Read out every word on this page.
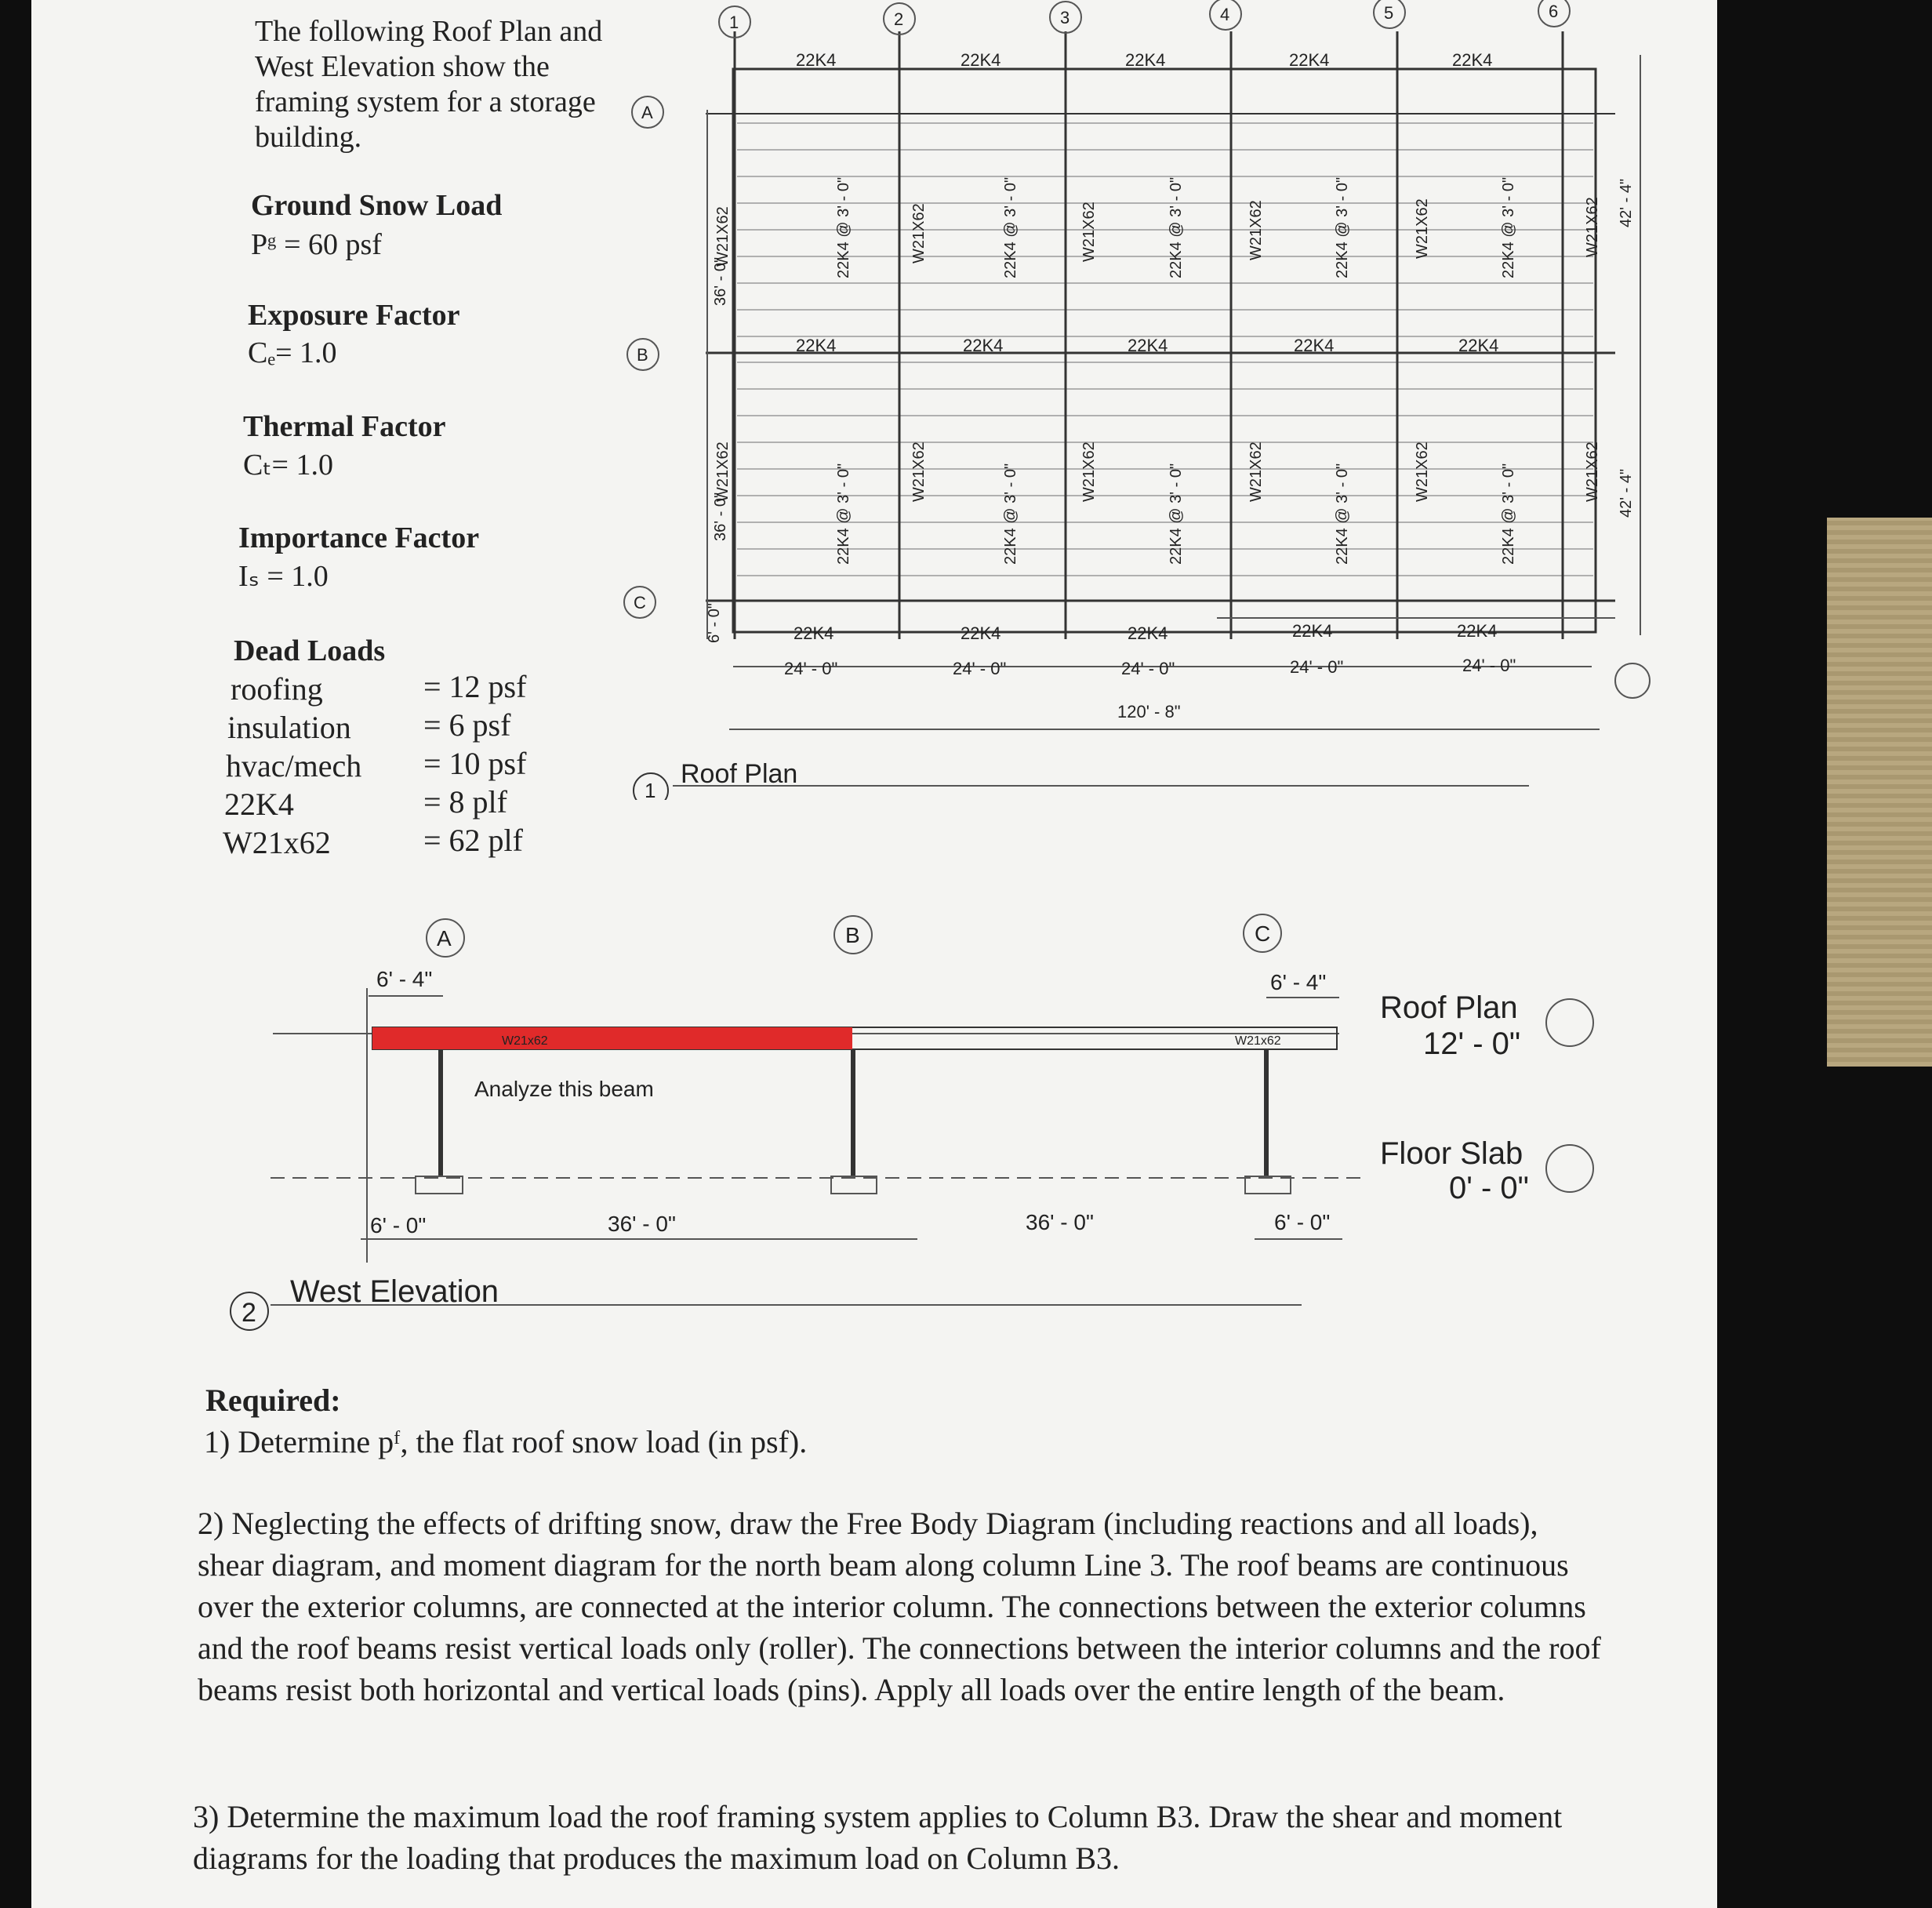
The following Roof Plan and West Elevation show the framing system for a storage building.
Ground Snow Load
Pᵍ = 60 psf
Exposure Factor
Cₑ= 1.0
Thermal Factor
Cₜ= 1.0
Importance Factor
Iₛ = 1.0
Dead Loads
roofing	= 12 psf
insulation = 6 psf
hvac/mech = 10 psf
22K4	= 8 plf
W21x62	= 62 plf
1	2	3	4	5	6
A
B
C
22K4	22K4	22K4	22K4	22K4
22K4	22K4	22K4	22K4	22K4
22K4	22K4	22K4	22K4	22K4
24' - 0"	24' - 0"	24' - 0"	24' - 0"	24' - 0"
120' - 8"
W21X62	W21X62	W21X62	W21X62	W21X62	W21X62
W21X62	W21X62	W21X62	W21X62	W21X62	W21X62
22K4 @ 3' - 0"	22K4 @ 3' - 0"	22K4 @ 3' - 0"	22K4 @ 3' - 0"	22K4 @ 3' - 0"
22K4 @ 3' - 0"	22K4 @ 3' - 0"	22K4 @ 3' - 0"	22K4 @ 3' - 0"	22K4 @ 3' - 0"
36' - 0"
36' - 0"
6' - 0"
42' - 4"
42' - 4"
1
Roof Plan
A	B	C
6' - 4"	6' - 4"
6' - 0"	36' - 0"	36' - 0"	6' - 0"
Analyze this beam
W21x62	W21x62
Roof Plan
12' - 0"
Floor Slab
0' - 0"
West Elevation
2
Required:
1) Determine pᶠ, the flat roof snow load (in psf).
2) Neglecting the effects of drifting snow, draw the Free Body Diagram (including reactions and all loads), shear diagram, and moment diagram for the north beam along column Line 3. The roof beams are continuous over the exterior columns, are connected at the interior column. The connections between the exterior columns and the roof beams resist vertical loads only (roller). The connections between the interior columns and the roof beams resist both horizontal and vertical loads (pins). Apply all loads over the entire length of the beam.
3) Determine the maximum load the roof framing system applies to Column B3. Draw the shear and moment diagrams for the loading that produces the maximum load on Column B3.
